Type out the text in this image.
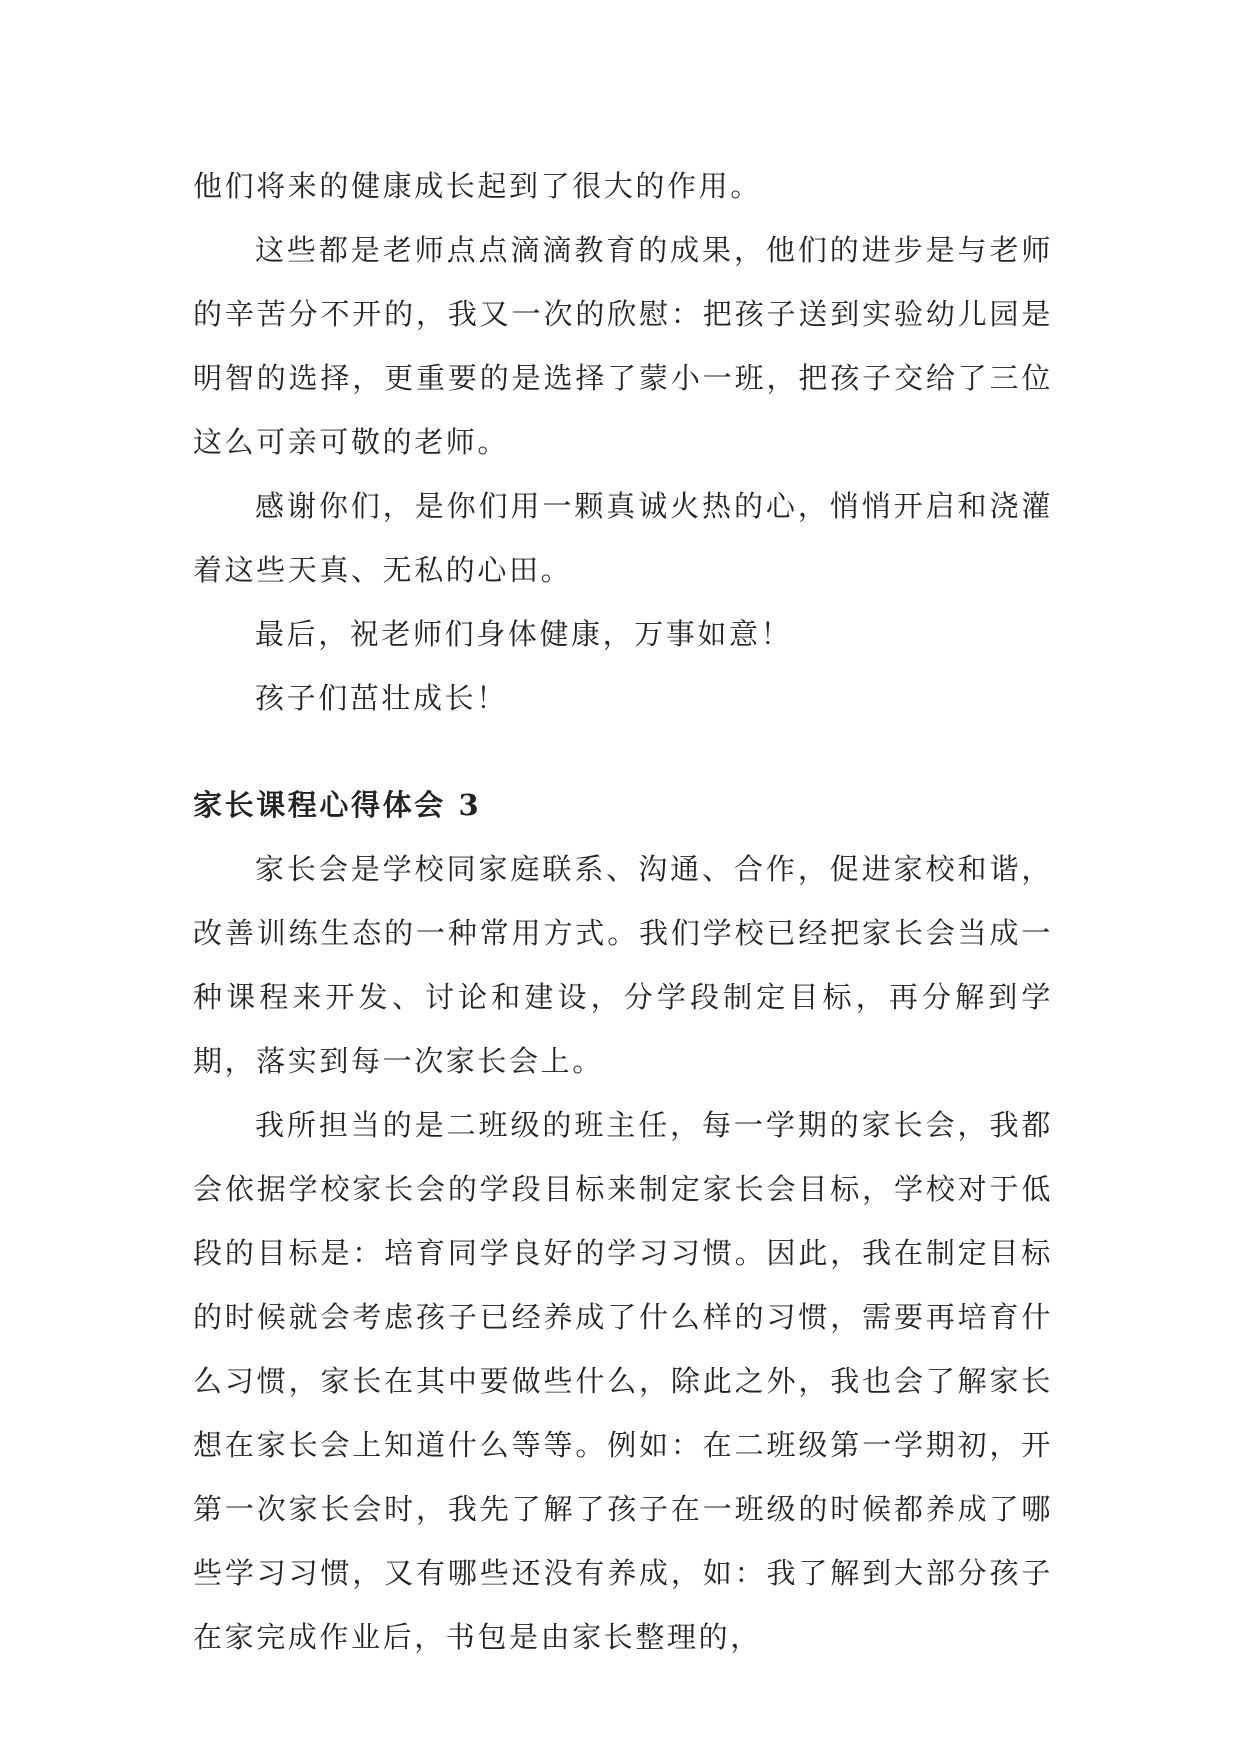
他们将来的健康成长起到了很大的作用。

这些都是老师点点滴滴教育的成果，他们的进步是与老师的辛苦分不开的，我又一次的欣慰：把孩子送到实验幼儿园是明智的选择，更重要的是选择了蒙小一班，把孩子交给了三位这么可亲可敬的老师。

感谢你们，是你们用一颗真诚火热的心，悄悄开启和浇灌着这些天真、无私的心田。

最后，祝老师们身体健康，万事如意！

孩子们茁壮成长！

家长课程心得体会 3

家长会是学校同家庭联系、沟通、合作，促进家校和谐，改善训练生态的一种常用方式。我们学校已经把家长会当成一种课程来开发、讨论和建设，分学段制定目标，再分解到学期，落实到每一次家长会上。

我所担当的是二班级的班主任，每一学期的家长会，我都会依据学校家长会的学段目标来制定家长会目标，学校对于低段的目标是：培育同学良好的学习习惯。因此，我在制定目标的时候就会考虑孩子已经养成了什么样的习惯，需要再培育什么习惯，家长在其中要做些什么，除此之外，我也会了解家长想在家长会上知道什么等等。例如：在二班级第一学期初，开第一次家长会时，我先了解了孩子在一班级的时候都养成了哪些学习习惯，又有哪些还没有养成，如：我了解到大部分孩子在家完成作业后，书包是由家长整理的，
